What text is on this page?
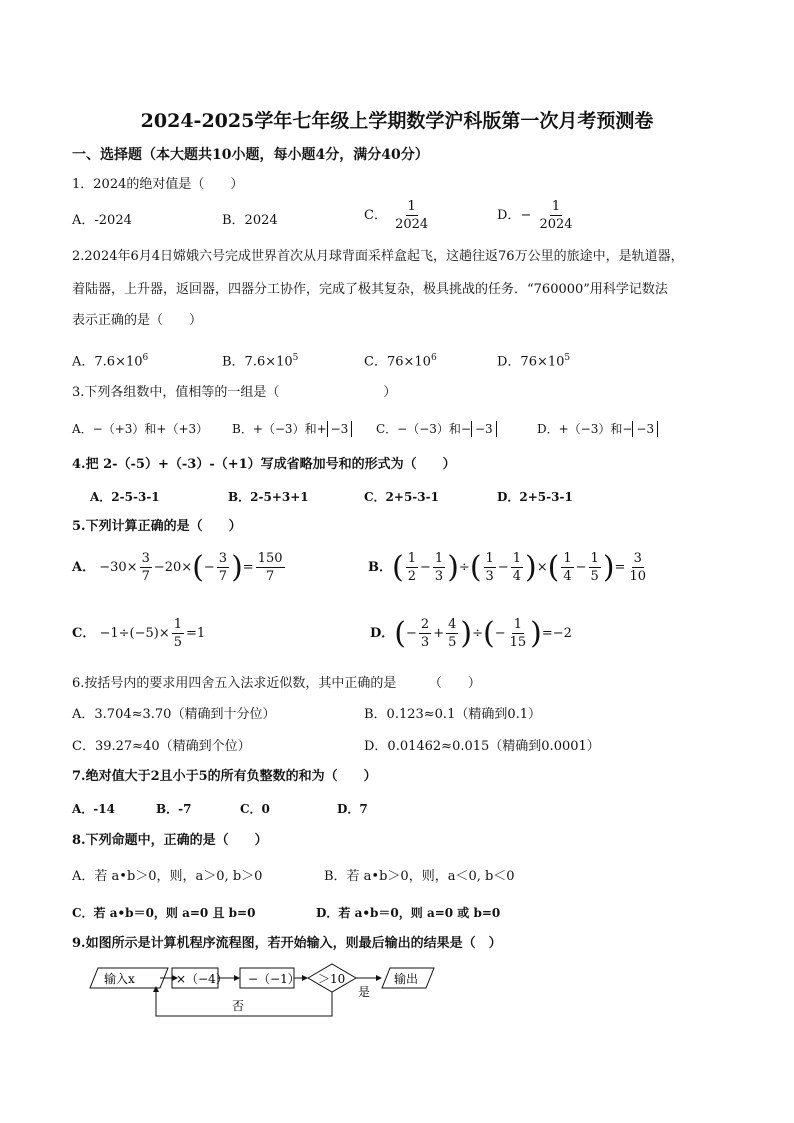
2024-2025学年七年级上学期数学沪科版第一次月考预测卷
一、选择题（本大题共10小题，每小题4分，满分40分）
1．2024的绝对值是（　　）
A．-2024	B．2024	C． $\frac{1}{2024}$	D．− $\frac{1}{2024}$
2.2024年6月4日嫦娥六号完成世界首次从月球背面采样盒起飞，这趟往返76万公里的旅途中，是轨道器，
着陆器，上升器，返回器，四器分工协作，完成了极其复杂，极具挑战的任务．“760000”用科学记数法
表示正确的是（　　）
A．$7.6\times 10^6$	B．$7.6\times 10^5$	C．$76\times 10^6$	D．$76\times 10^5$
3.下列各组数中，值相等的一组是（　　　　　　　　）
A．−（+3）和+（+3） B．+（−3）和+ −3	C．−（−3）和− −3	D．+（−3）和− −3
4.把 2-（-5）+（-3）-（+1）写成省略加号和的形式为（　　）
A．2-5-3-1	B．2-5+3+1	C．2+5-3-1	D．2+5-3-1
5.下列计算正确的是（　　）
A． $-30\times \frac{3}{7} -20\times$ ( − $\frac{3}{7}$ ) = $\frac{150}{7}$	B． ( $\frac{1}{2} - \frac{1}{3}$ ) ÷ ( $\frac{1}{3} - \frac{1}{4}$ ) × ( $\frac{1}{4} - \frac{1}{5}$ ) = $\frac{3}{10}$
C． $-1\div(-5)\times \frac{1}{5} =1$	D． ( − $\frac{2}{3} + \frac{4}{5}$ ) ÷ ( − $\frac{1}{15}$ ) =−2
6.按括号内的要求用四舍五入法求近似数，其中正确的是　　　（　　）
A．3.704≈3.70（精确到十分位）	B．0.123≈0.1（精确到0.1）
C．39.27≈40（精确到个位）	D．0.01462≈0.015（精确到0.0001）
7.绝对值大于2且小于5的所有负整数的和为（　　）
A．-14	B．-7	C．0	D．7
8.下列命题中，正确的是（　　）
A．若 a•b＞0，则，a＞0, b＞0	B．若 a•b＞0，则，a＜0, b＜0
C．若 a•b＝0，则 a=0 且 b=0	D．若 a•b＝0，则 a=0 或 b=0
9.如图所示是计算机程序流程图，若开始输入，则最后输出的结果是（　）
输入x	×（−4） −（−1） ＞10
是
输出
否
